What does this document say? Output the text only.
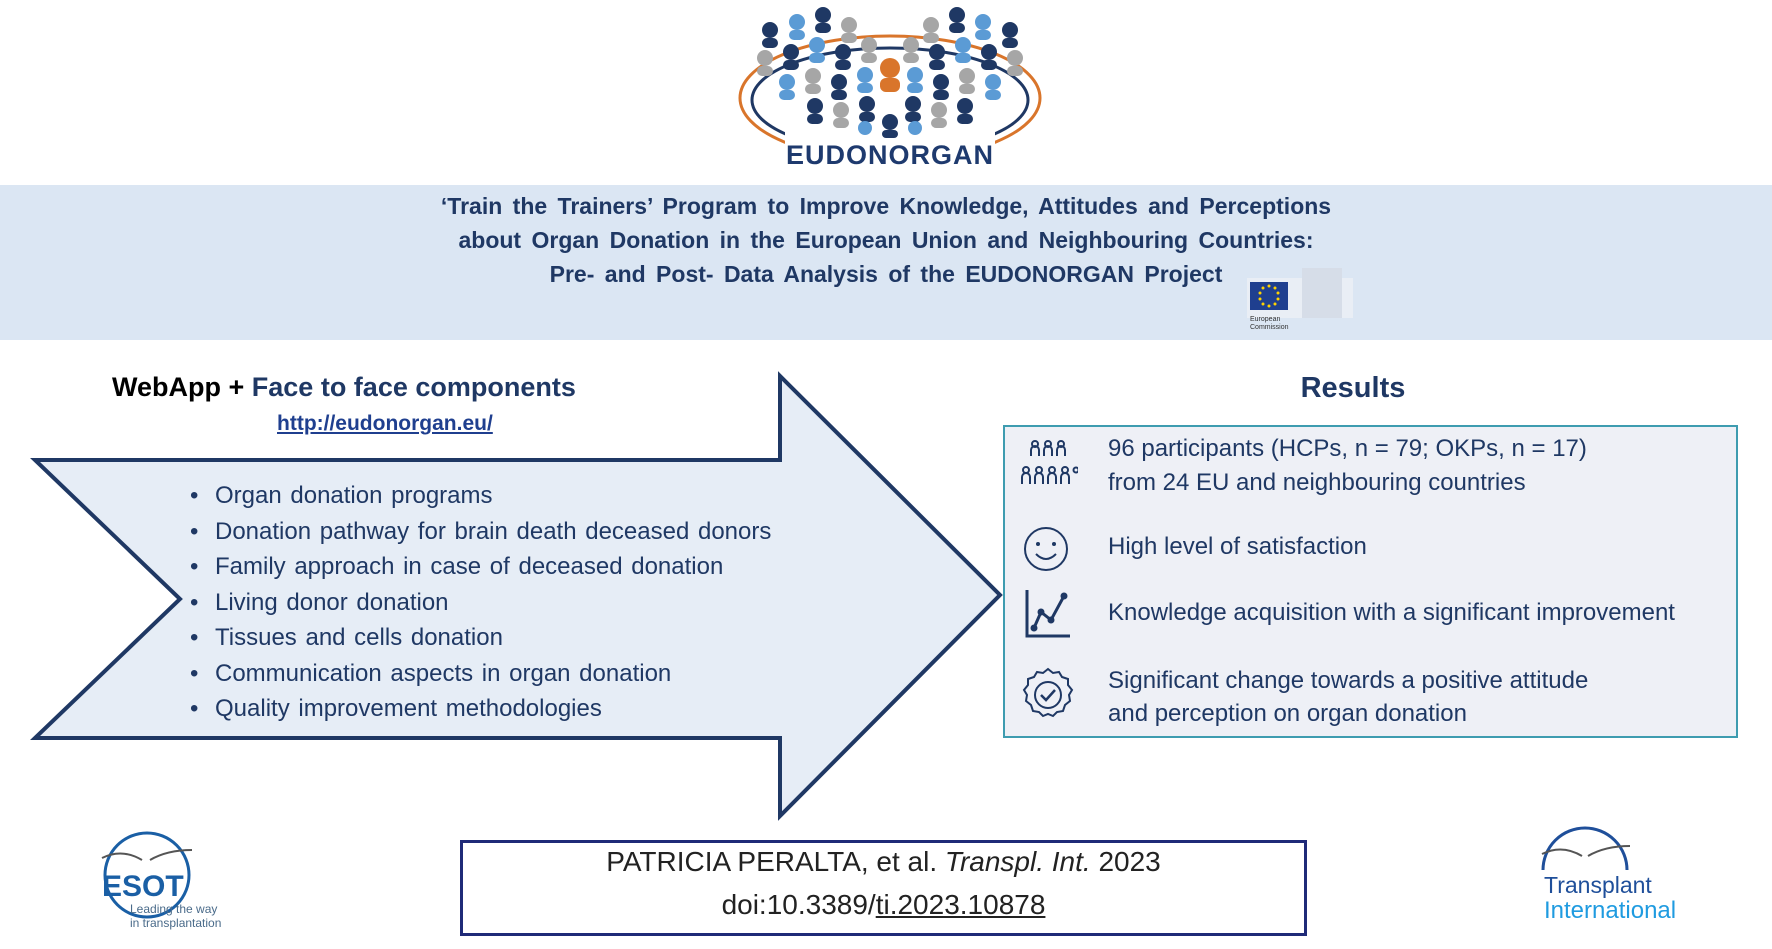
EUDONORGAN
‘Train the Trainers’ Program to Improve Knowledge, Attitudes and Perceptions
about Organ Donation in the European Union and Neighbouring Countries:
Pre- and Post- Data Analysis of the EUDONORGAN Project
European
Commission
WebApp + Face to face components
http://eudonorgan.eu/
• Organ donation programs
• Donation pathway for brain death deceased donors
• Family approach in case of deceased donation
• Living donor donation
• Tissues and cells donation
• Communication aspects in organ donation
• Quality improvement methodologies
Results
96 participants (HCPs, n = 79; OKPs, n = 17)
from 24 EU and neighbouring countries
High level of satisfaction
Knowledge acquisition with a significant improvement
Significant change towards a positive attitude
and perception on organ donation
PATRICIA PERALTA, et al. Transpl. Int. 2023
doi:10.3389/ti.2023.10878
ESOT
Leading the way
in transplantation
Transplant
International
